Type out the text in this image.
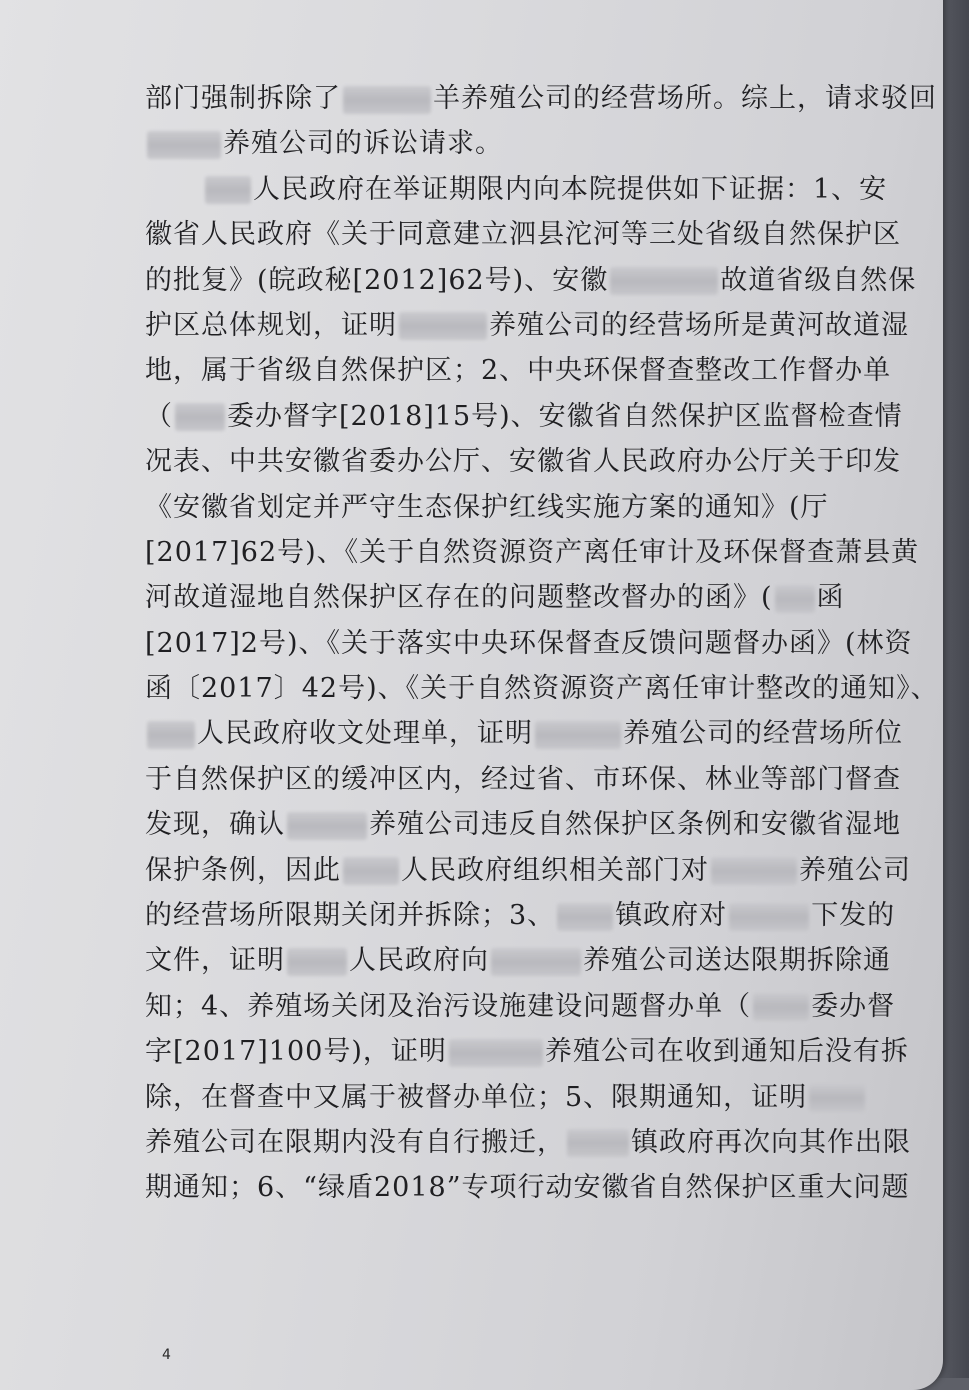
部门强制拆除了	羊养殖公司的经营场所。综上，请求驳回
养殖公司的诉讼请求。
人民政府在举证期限内向本院提供如下证据：1、安
徽省人民政府《关于同意建立泗县沱河等三处省级自然保护区
的批复》(皖政秘[2012]62号)、安徽	故道省级自然保
护区总体规划，证明	养殖公司的经营场所是黄河故道湿
地，属于省级自然保护区；2、中央环保督查整改工作督办单
（ 委办督字[2018]15号)、安徽省自然保护区监督检查情
况表、中共安徽省委办公厅、安徽省人民政府办公厅关于印发
《安徽省划定并严守生态保护红线实施方案的通知》(厅
[2017]62号)、《关于自然资源资产离任审计及环保督查萧县黄
河故道湿地自然保护区存在的问题整改督办的函》( 函
[2017]2号)、《关于落实中央环保督查反馈问题督办函》(林资
函〔2017〕42号)、《关于自然资源资产离任审计整改的通知》、
人民政府收文处理单，证明	养殖公司的经营场所位
于自然保护区的缓冲区内，经过省、市环保、林业等部门督查
发现，确认	养殖公司违反自然保护区条例和安徽省湿地
保护条例，因此 人民政府组织相关部门对	养殖公司
的经营场所限期关闭并拆除；3、 镇政府对	下发的
文件，证明 人民政府向	养殖公司送达限期拆除通
知；4、养殖场关闭及治污设施建设问题督办单（ 委办督
字[2017]100号)，证明	养殖公司在收到通知后没有拆
除，在督查中又属于被督办单位；5、限期通知，证明
养殖公司在限期内没有自行搬迁， 镇政府再次向其作出限
期通知；6、“绿盾2018”专项行动安徽省自然保护区重大问题
4
